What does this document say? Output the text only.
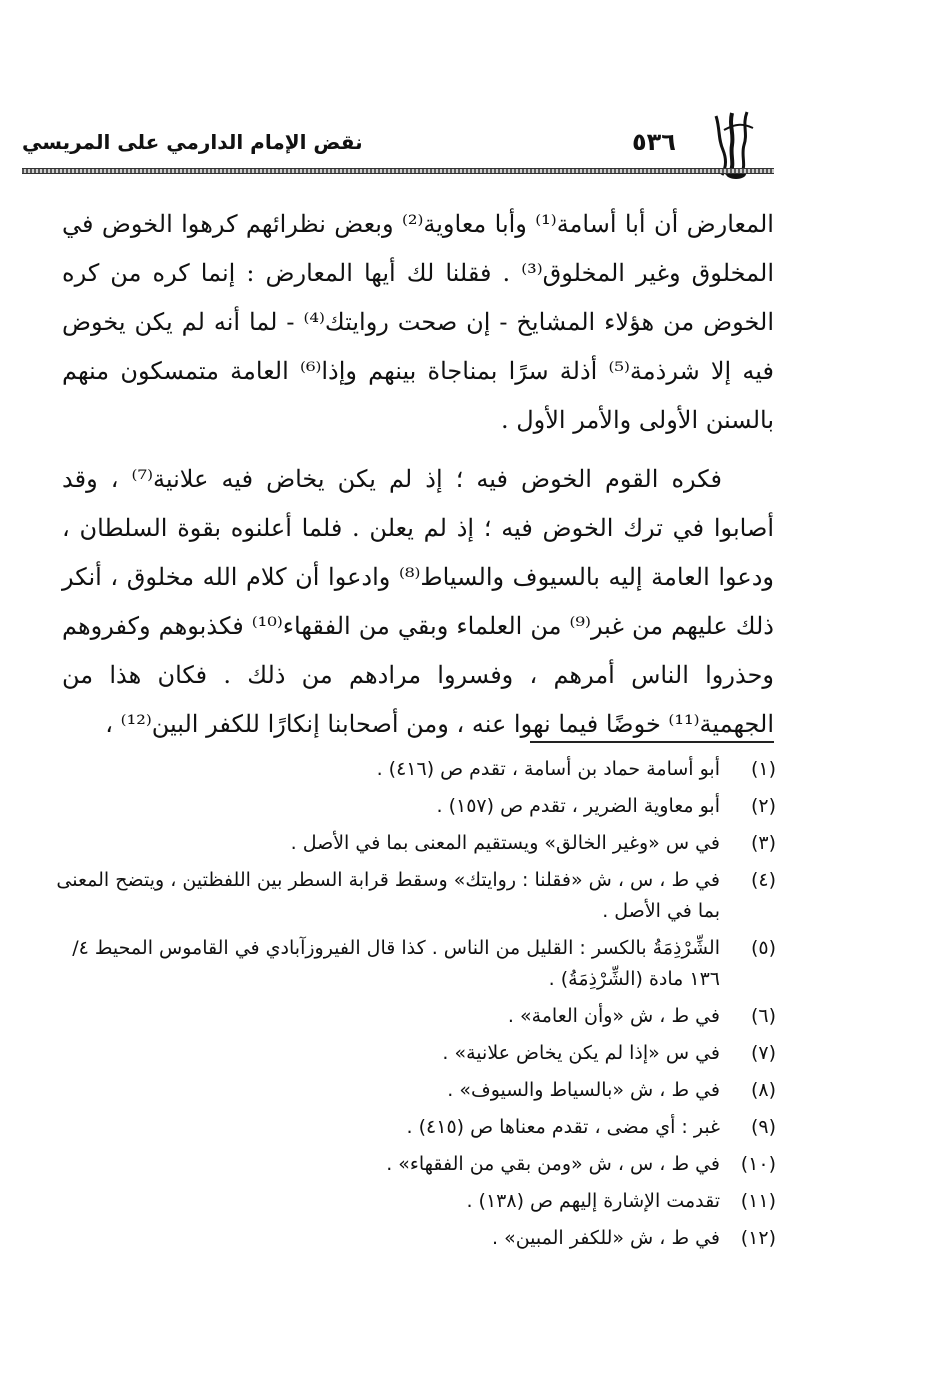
نقض الإمام الدارمي على المريسي	٥٣٦

المعارض أن أبا أسامة⁽¹⁾ وأبا معاوية⁽²⁾ وبعض نظرائهم كرهوا الخوض في المخلوق وغير المخلوق⁽³⁾ . فقلنا لك أيها المعارض : إنما كره من كره الخوض من هؤلاء المشايخ - إن صحت روايتك⁽⁴⁾ - لما أنه لم يكن يخوض فيه إلا شرذمة⁽⁵⁾ أذلة سرًا بمناجاة بينهم وإذا⁽⁶⁾ العامة متمسكون منهم بالسنن الأولى والأمر الأول .

فكره القوم الخوض فيه ؛ إذ لم يكن يخاض فيه علانية⁽⁷⁾ ، وقد أصابوا في ترك الخوض فيه ؛ إذ لم يعلن . فلما أعلنوه بقوة السلطان ، ودعوا العامة إليه بالسيوف والسياط⁽⁸⁾ وادعوا أن كلام الله مخلوق ، أنكر ذلك عليهم من غبر⁽⁹⁾ من العلماء وبقي من الفقهاء⁽¹⁰⁾ فكذبوهم وكفروهم وحذروا الناس أمرهم ، وفسروا مرادهم من ذلك . فكان هذا من الجهمية⁽¹¹⁾ خوضًا فيما نهوا عنه ، ومن أصحابنا إنكارًا للكفر البين⁽¹²⁾ ،

(١)
أبو أسامة حماد بن أسامة ، تقدم ص (٤١٦) .
(٢)
أبو معاوية الضرير ، تقدم ص (١٥٧) .
(٣)
في س «وغير الخالق» ويستقيم المعنى بما في الأصل .
(٤)
في ط ، س ، ش «فقلنا : روايتك» وسقط قرابة السطر بين اللفظتين ، ويتضح المعنى بما في الأصل .
(٥)
الشِّرْذِمَةُ بالكسر : القليل من الناس . كذا قال الفيروزآبادي في القاموس المحيط ٤/ ١٣٦ مادة (الشِّرْذِمَةُ) .
(٦)
في ط ، ش «وأن العامة» .
(٧)
في س «إذا لم يكن يخاض علانية» .
(٨)
في ط ، ش «بالسياط والسيوف» .
(٩)
غبر : أي مضى ، تقدم معناها ص (٤١٥) .
(١٠)
في ط ، س ، ش «ومن بقي من الفقهاء» .
(١١)
تقدمت الإشارة إليهم ص (١٣٨) .
(١٢)
في ط ، ش «للكفر المبين» .
